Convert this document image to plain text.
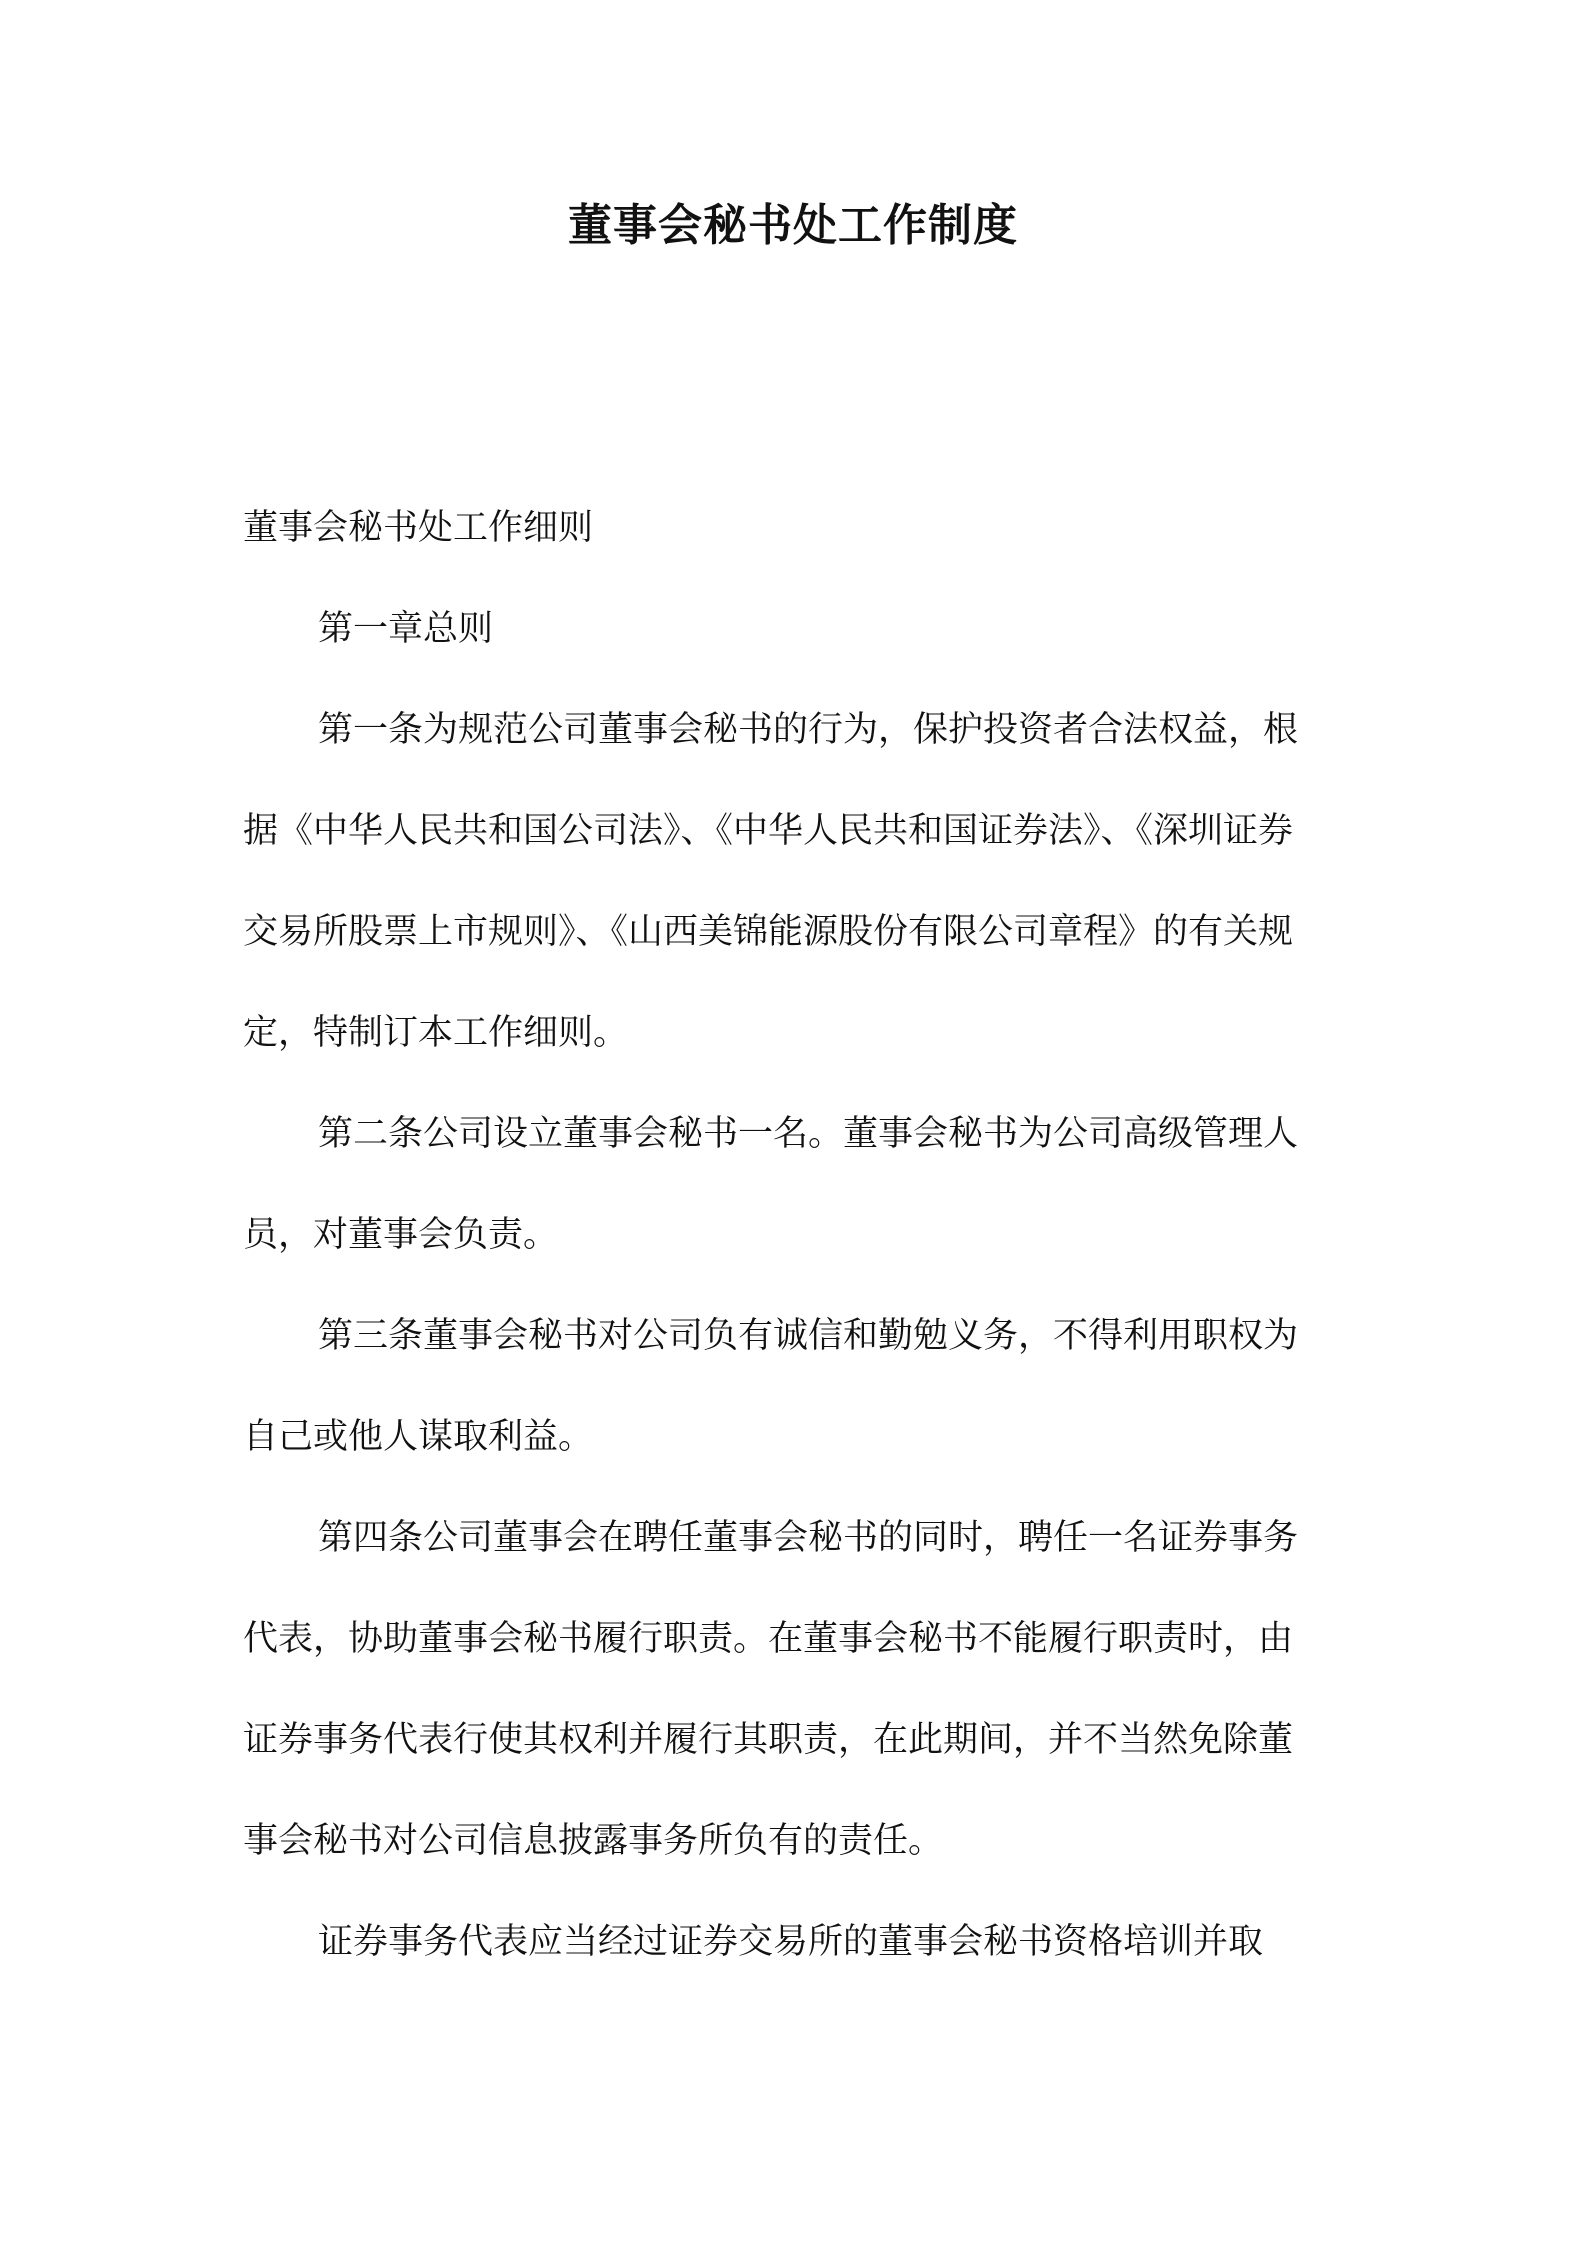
董事会秘书处工作制度
董事会秘书处工作细则
第一章总则
第一条为规范公司董事会秘书的行为，保护投资者合法权益，根
据《中华人民共和国公司法》、《中华人民共和国证券法》、《深圳证券
交易所股票上市规则》、《山西美锦能源股份有限公司章程》的有关规
定，特制订本工作细则。
第二条公司设立董事会秘书一名。董事会秘书为公司高级管理人
员，对董事会负责。
第三条董事会秘书对公司负有诚信和勤勉义务，不得利用职权为
自己或他人谋取利益。
第四条公司董事会在聘任董事会秘书的同时，聘任一名证券事务
代表，协助董事会秘书履行职责。在董事会秘书不能履行职责时，由
证券事务代表行使其权利并履行其职责，在此期间，并不当然免除董
事会秘书对公司信息披露事务所负有的责任。
证券事务代表应当经过证券交易所的董事会秘书资格培训并取
